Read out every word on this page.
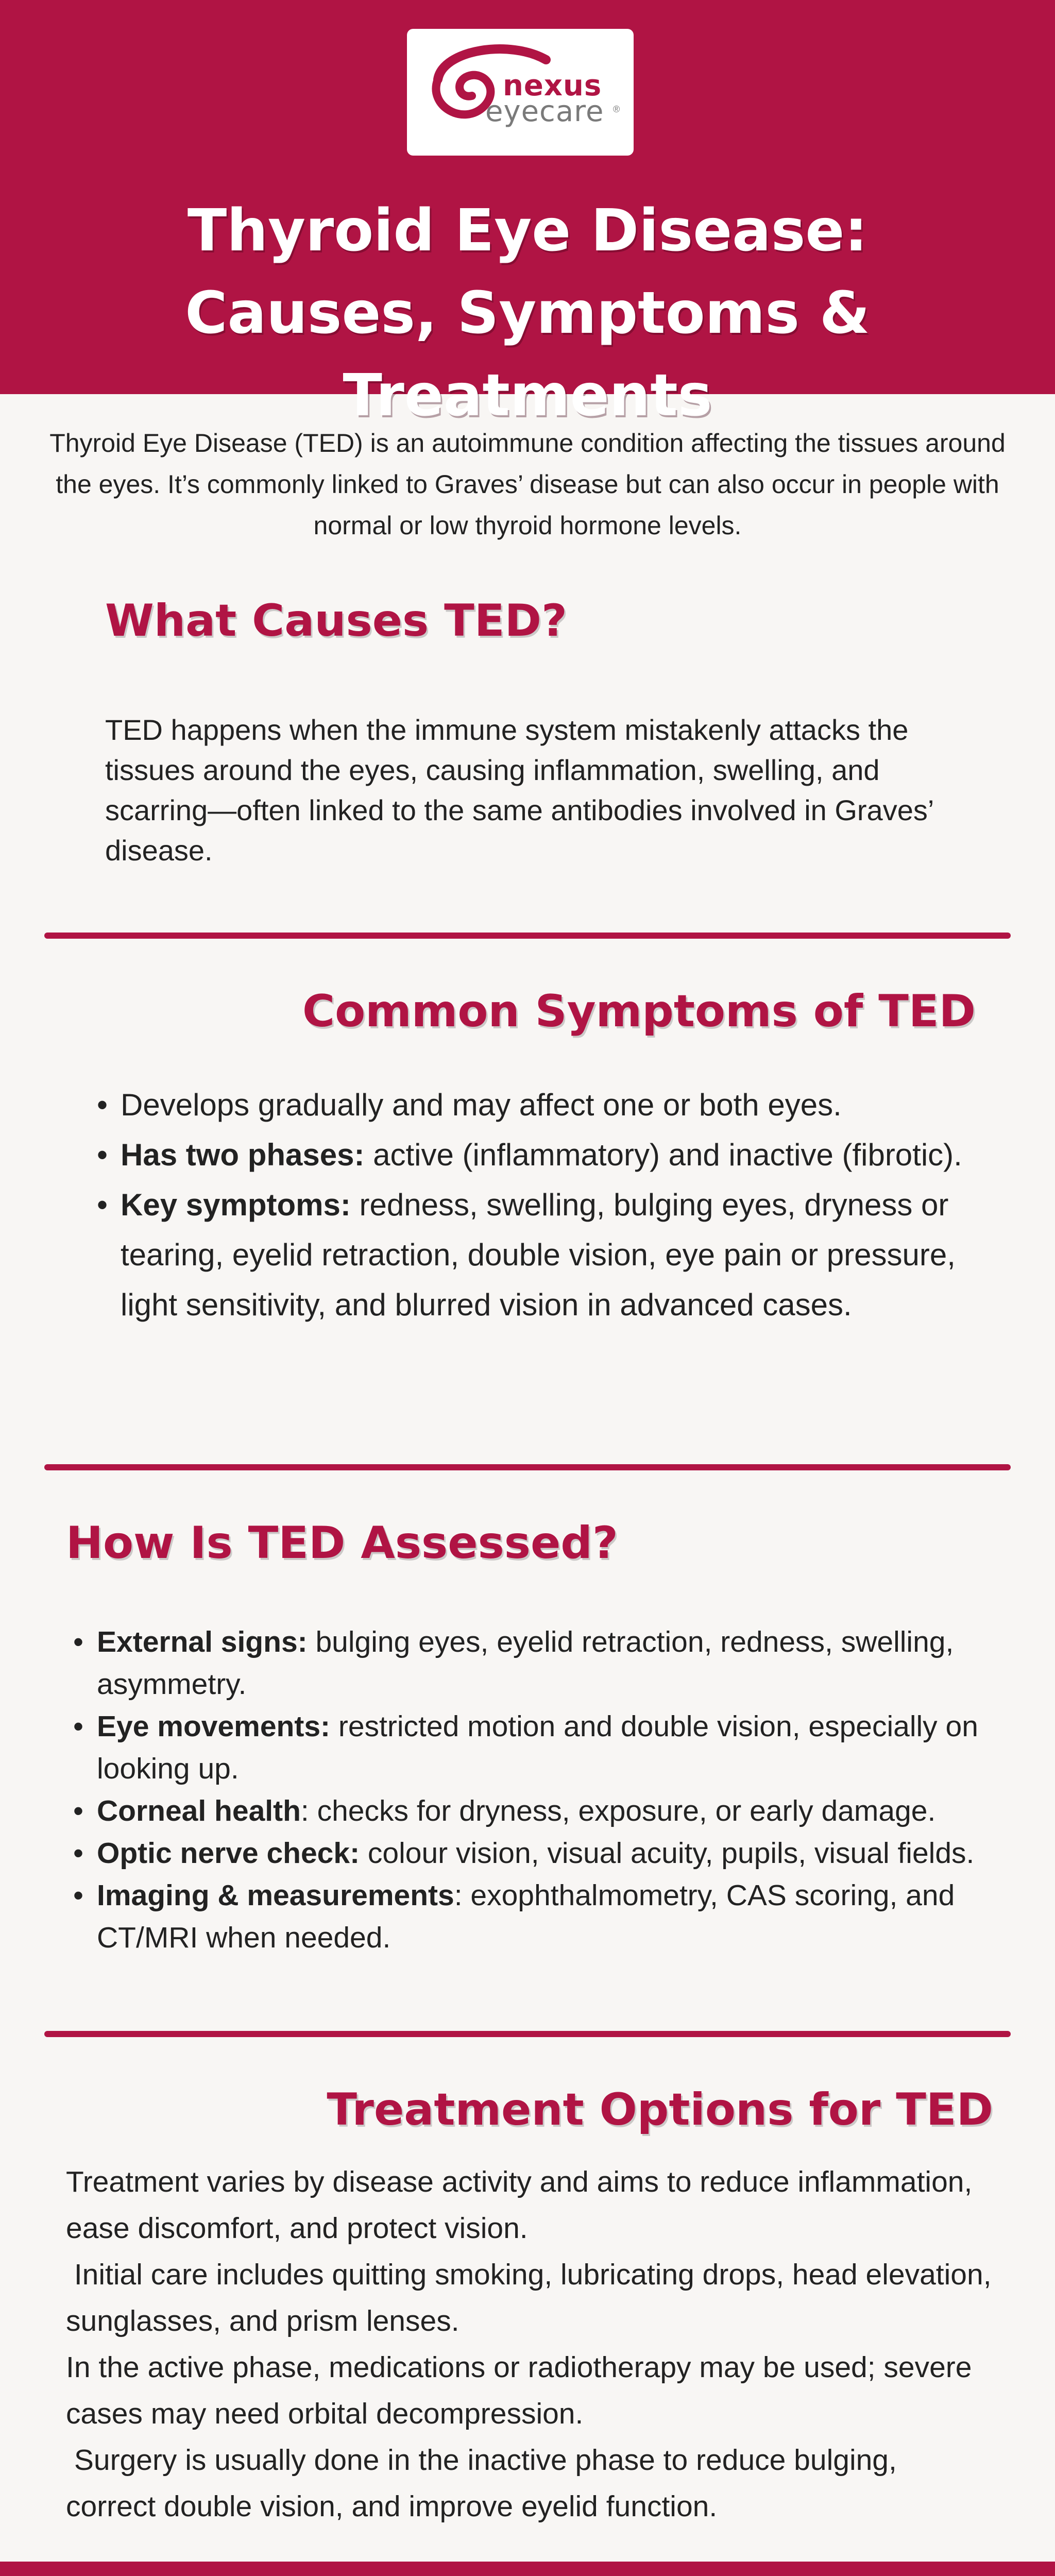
nexus
eyecare ®
Thyroid Eye Disease: Causes, Symptoms & Treatments

Thyroid Eye Disease (TED) is an autoimmune condition affecting the tissues around the eyes. It’s commonly linked to Graves’ disease but can also occur in people with normal or low thyroid hormone levels.

What Causes TED?

TED happens when the immune system mistakenly attacks the tissues around the eyes, causing inflammation, swelling, and scarring—often linked to the same antibodies involved in Graves’ disease.

Common Symptoms of TED
• Develops gradually and may affect one or both eyes.
• Has two phases: active (inflammatory) and inactive (fibrotic).
• Key symptoms: redness, swelling, bulging eyes, dryness or tearing, eyelid retraction, double vision, eye pain or pressure, light sensitivity, and blurred vision in advanced cases.
How Is TED Assessed?
• External signs: bulging eyes, eyelid retraction, redness, swelling, asymmetry.
• Eye movements: restricted motion and double vision, especially on looking up.
• Corneal health: checks for dryness, exposure, or early damage.
• Optic nerve check: colour vision, visual acuity, pupils, visual fields.
• Imaging & measurements: exophthalmometry, CAS scoring, and CT/MRI when needed.
Treatment Options for TED

Treatment varies by disease activity and aims to reduce inflammation, ease discomfort, and protect vision.

Initial care includes quitting smoking, lubricating drops, head elevation, sunglasses, and prism lenses.

In the active phase, medications or radiotherapy may be used; severe cases may need orbital decompression.

Surgery is usually done in the inactive phase to reduce bulging, correct double vision, and improve eyelid function.
